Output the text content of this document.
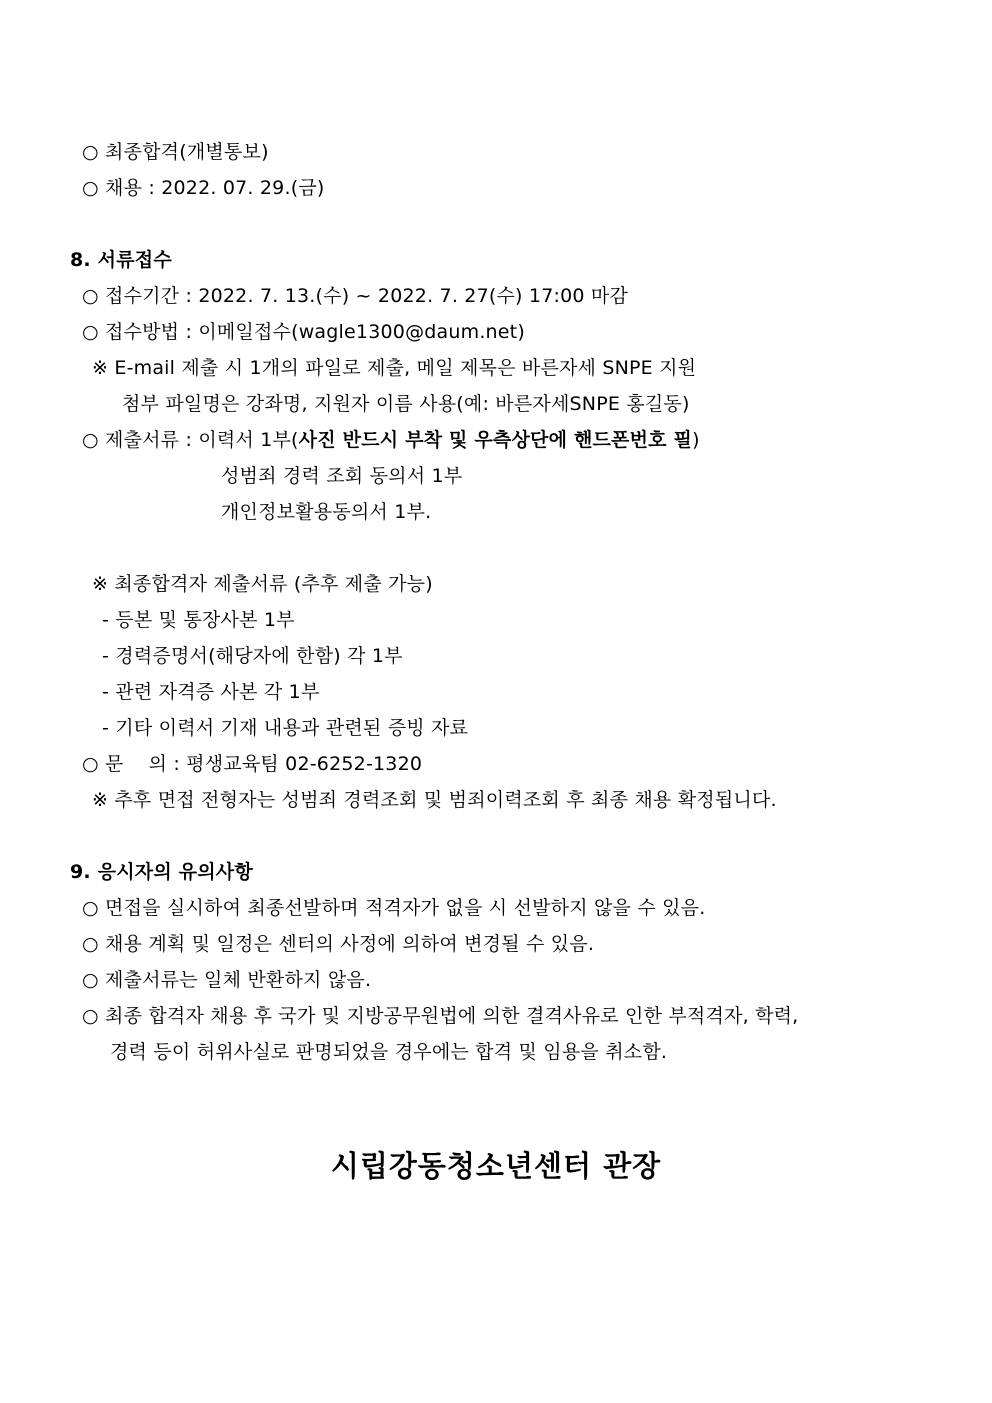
○ 최종합격(개별통보)
○ 채용 : 2022. 07. 29.(금)
8. 서류접수
○ 접수기간 : 2022. 7. 13.(수) ~ 2022. 7. 27(수) 17:00 마감
○ 접수방법 : 이메일접수(wagle1300@daum.net)
※ E-mail 제출 시 1개의 파일로 제출, 메일 제목은 바른자세 SNPE 지원
첨부 파일명은 강좌명, 지원자 이름 사용(예: 바른자세SNPE 홍길동)
○ 제출서류 : 이력서 1부(사진 반드시 부착 및 우측상단에 핸드폰번호 필)
성범죄 경력 조회 동의서 1부
개인정보활용동의서 1부.
※ 최종합격자 제출서류 (추후 제출 가능)
- 등본 및 통장사본 1부
- 경력증명서(해당자에 한함) 각 1부
- 관련 자격증 사본 각 1부
- 기타 이력서 기재 내용과 관련된 증빙 자료
○ 문    의 : 평생교육팀 02-6252-1320
※ 추후 면접 전형자는 성범죄 경력조회 및 범죄이력조회 후 최종 채용 확정됩니다.
9. 응시자의 유의사항
○ 면접을 실시하여 최종선발하며 적격자가 없을 시 선발하지 않을 수 있음.
○ 채용 계획 및 일정은 센터의 사정에 의하여 변경될 수 있음.
○ 제출서류는 일체 반환하지 않음.
○ 최종 합격자 채용 후 국가 및 지방공무원법에 의한 결격사유로 인한 부적격자, 학력,
경력 등이 허위사실로 판명되었을 경우에는 합격 및 임용을 취소함.
시립강동청소년센터 관장
